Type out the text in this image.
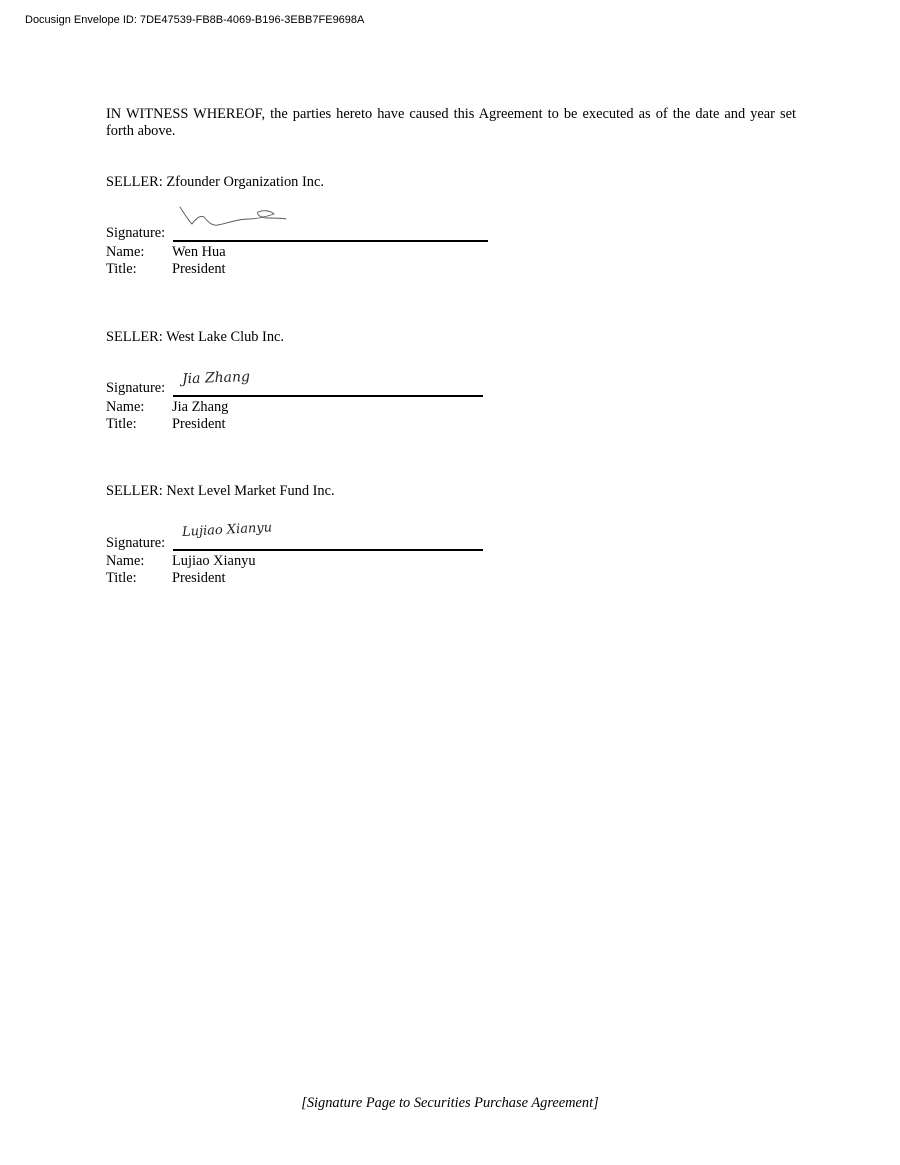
Docusign Envelope ID: 7DE47539-FB8B-4069-B196-3EBB7FE9698A

IN WITNESS WHEREOF, the parties hereto have caused this Agreement to be executed as of the date and year set forth above.

SELLER: Zfounder Organization Inc.
Signature:
Name: Wen Hua
Title: President
SELLER: West Lake Club Inc.
Signature:
Jia Zhang
Name: Jia Zhang
Title: President
SELLER: Next Level Market Fund Inc.
Signature:
Lujiao Xianyu
Name: Lujiao Xianyu
Title: President
[Signature Page to Securities Purchase Agreement]
